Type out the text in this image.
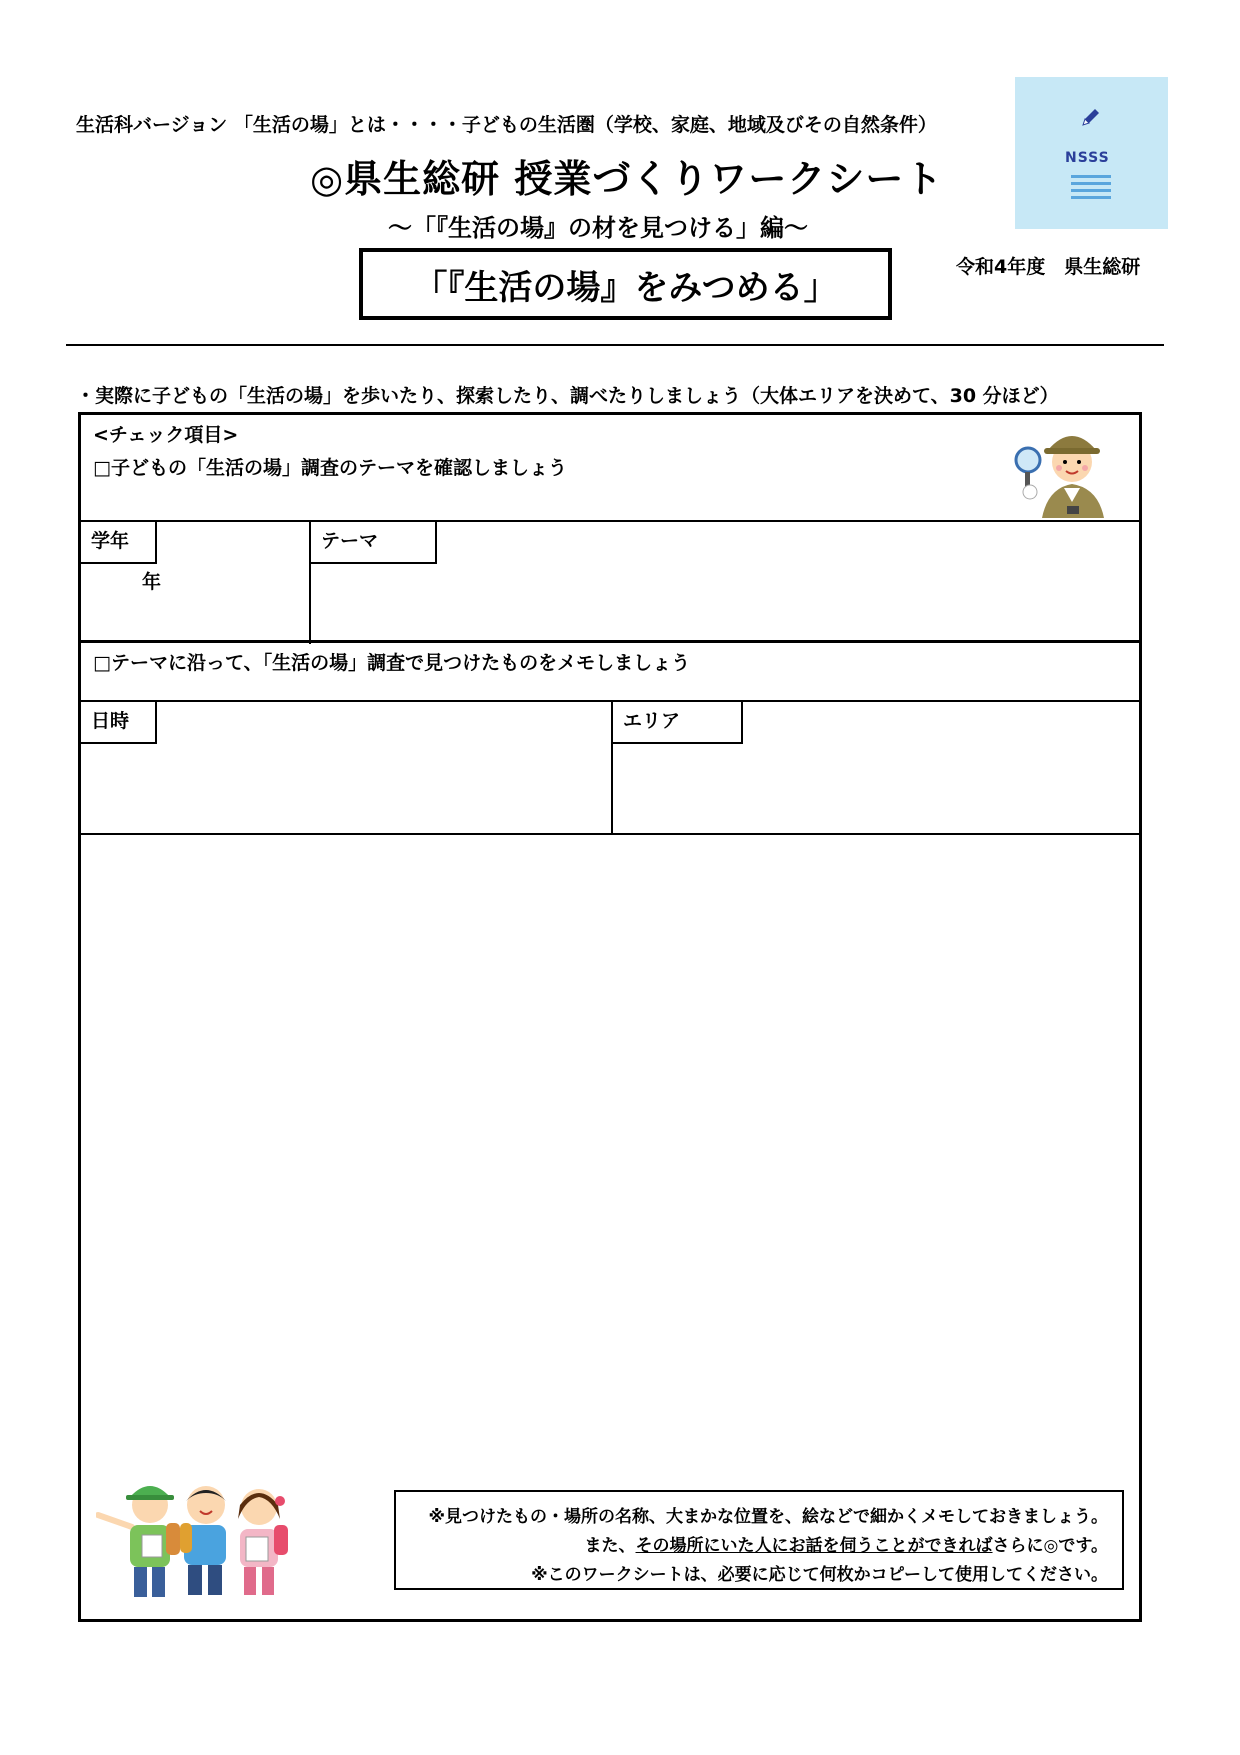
生活科バージョン 「生活の場」とは・・・・子どもの生活圏（学校、家庭、地域及びその自然条件）
◎県生総研 授業づくりワークシート
〜「『生活の場』の材を見つける」編〜
「『生活の場』をみつめる」
令和4年度　県生総研
NSSS
・実際に子どもの「生活の場」を歩いたり、探索したり、調べたりしましょう（大体エリアを決めて、30 分ほど）
<チェック項目>
□子どもの「生活の場」調査のテーマを確認しましょう
学年
年
テーマ
□テーマに沿って、「生活の場」調査で見つけたものをメモしましょう
日時	エリア
※見つけたもの・場所の名称、大まかな位置を、絵などで細かくメモしておきましょう。
また、その場所にいた人にお話を伺うことができればさらに◎です。
※このワークシートは、必要に応じて何枚かコピーして使用してください。
